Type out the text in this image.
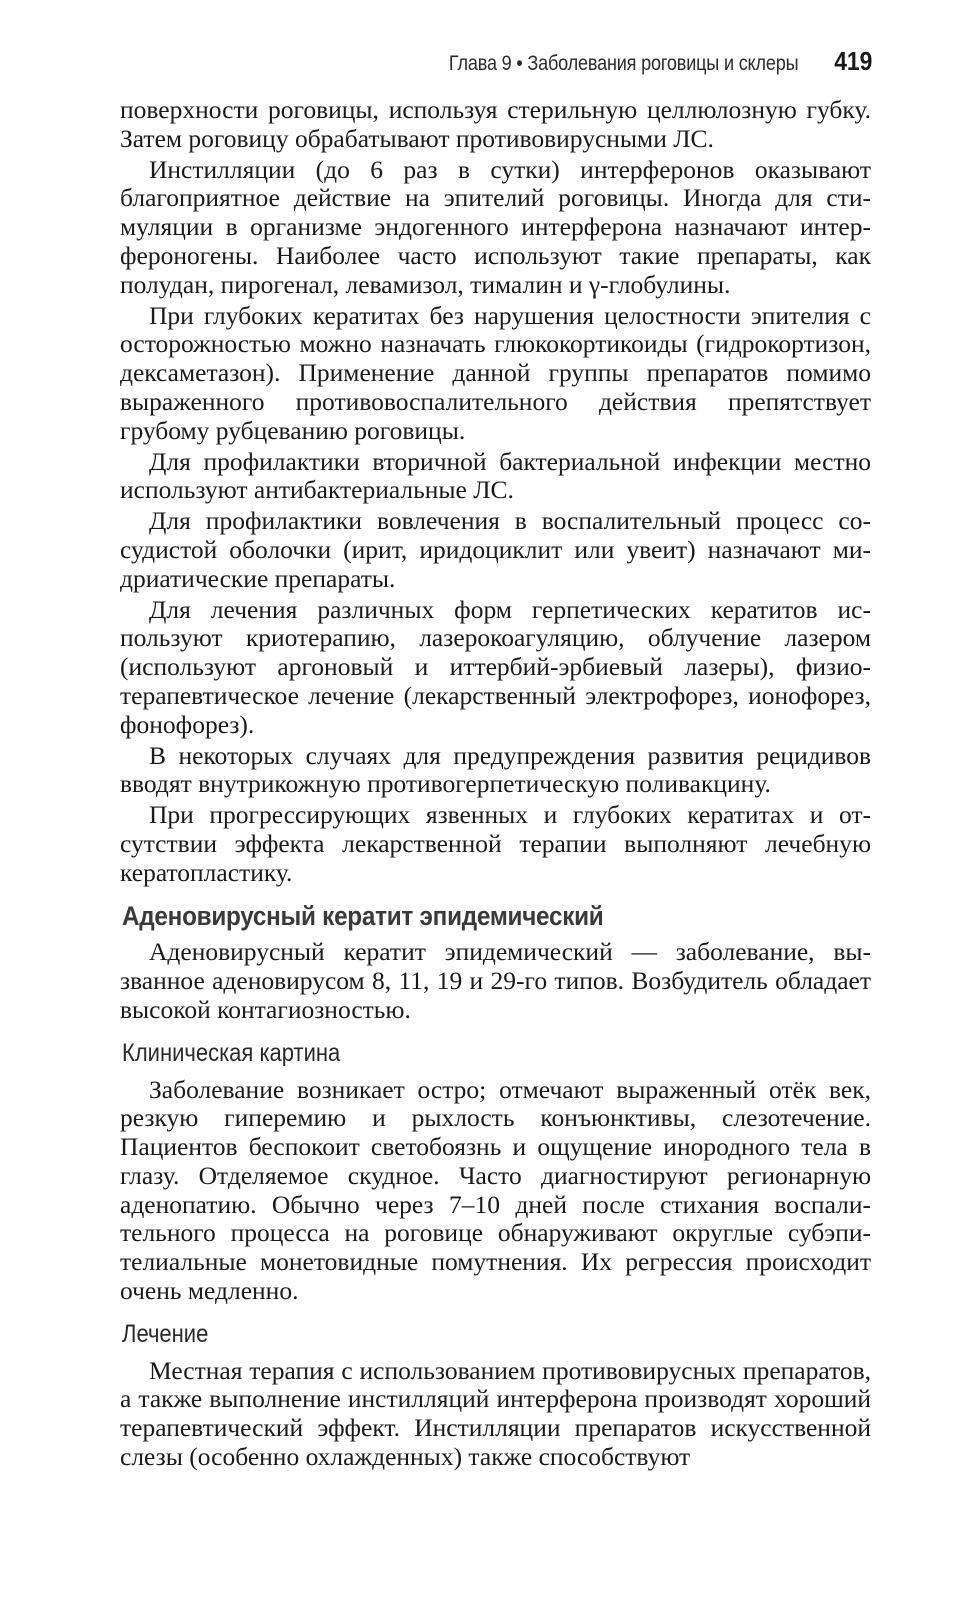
Глава 9 • Заболевания роговицы и склеры 419

поверхности роговицы, используя стерильную целлюлозную губку. Затем роговицу обрабатывают противовирусными ЛС.

Инстилляции (до 6 раз в сутки) интерферонов оказывают благоприятное действие на эпителий роговицы. Иногда для стимуляции в организме эндогенного интерферона назначают интерфероногены. Наиболее часто используют такие препараты, как полудан, пирогенал, левамизол, тималин и γ-глобулины.

При глубоких кератитах без нарушения целостности эпителия с осторожностью можно назначать глюкокортикоиды (гидрокортизон, дексаметазон). Применение данной группы препаратов помимо выраженного противовоспалительного действия препятствует грубому рубцеванию роговицы.

Для профилактики вторичной бактериальной инфекции местно используют антибактериальные ЛС.

Для профилактики вовлечения в воспалительный процесс сосудистой оболочки (ирит, иридоциклит или увеит) назначают мидриатические препараты.

Для лечения различных форм герпетических кератитов используют криотерапию, лазерокоагуляцию, облучение лазером (используют аргоновый и иттербий-эрбиевый лазеры), физиотерапевтическое лечение (лекарственный электрофорез, ионофорез, фонофорез).

В некоторых случаях для предупреждения развития рецидивов вводят внутрикожную противогерпетическую поливакцину.

При прогрессирующих язвенных и глубоких кератитах и отсутствии эффекта лекарственной терапии выполняют лечебную кератопластику.

Аденовирусный кератит эпидемический

Аденовирусный кератит эпидемический — заболевание, вызванное аденовирусом 8, 11, 19 и 29-го типов. Возбудитель обладает высокой контагиозностью.

Клиническая картина

Заболевание возникает остро; отмечают выраженный отёк век, резкую гиперемию и рыхлость конъюнктивы, слезотечение. Пациентов беспокоит светобоязнь и ощущение инородного тела в глазу. Отделяемое скудное. Часто диагностируют регионарную аденопатию. Обычно через 7–10 дней после стихания воспалительного процесса на роговице обнаруживают округлые субэпителиальные монетовидные помутнения. Их регрессия происходит очень медленно.

Лечение

Местная терапия с использованием противовирусных препаратов, а также выполнение инстилляций интерферона производят хороший терапевтический эффект. Инстилляции препаратов искусственной слезы (особенно охлажденных) также способствуют
